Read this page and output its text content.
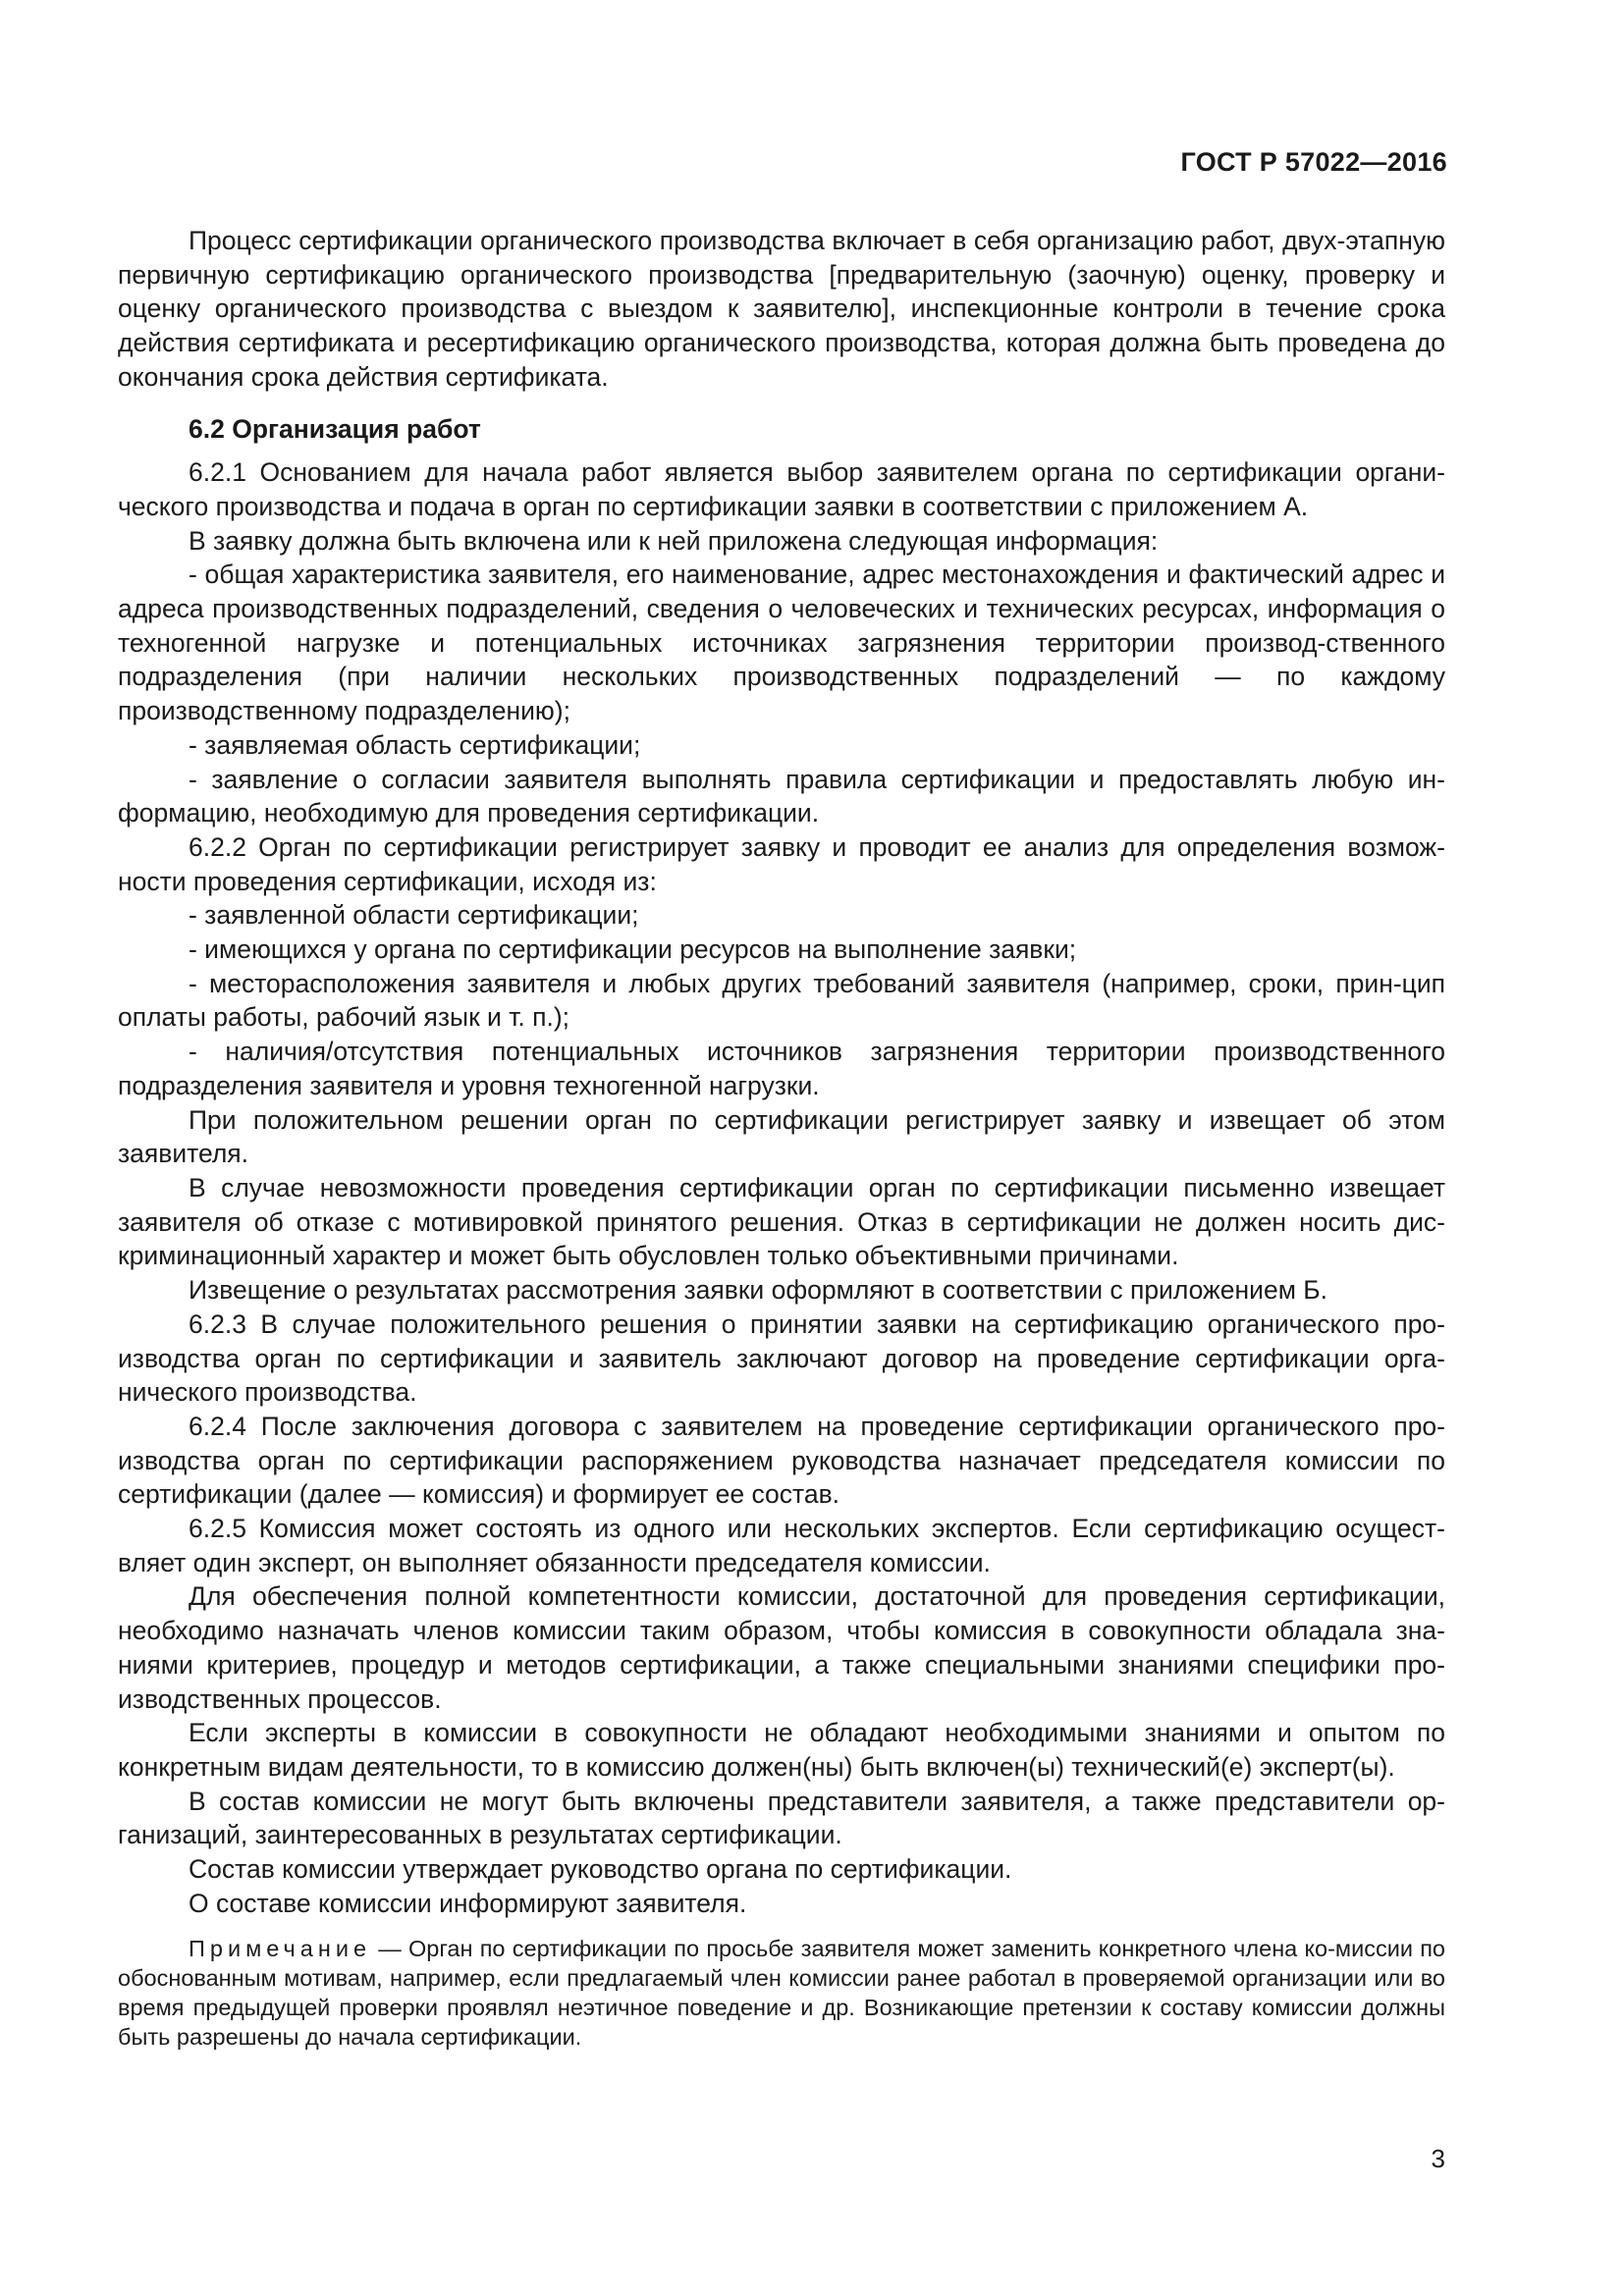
ГОСТ Р 57022—2016

Процесс сертификации органического производства включает в себя организацию работ, двух-этапную первичную сертификацию органического производства [предварительную (заочную) оценку, проверку и оценку органического производства с выездом к заявителю], инспекционные контроли в течение срока действия сертификата и ресертификацию органического производства, которая должна быть проведена до окончания срока действия сертификата.

6.2 Организация работ

6.2.1 Основанием для начала работ является выбор заявителем органа по сертификации органи-ческого производства и подача в орган по сертификации заявки в соответствии с приложением А.

В заявку должна быть включена или к ней приложена следующая информация:

- общая характеристика заявителя, его наименование, адрес местонахождения и фактический адрес и адреса производственных подразделений, сведения о человеческих и технических ресурсах, информация о техногенной нагрузке и потенциальных источниках загрязнения территории производ-ственного подразделения (при наличии нескольких производственных подразделений — по каждому производственному подразделению);

- заявляемая область сертификации;

- заявление о согласии заявителя выполнять правила сертификации и предоставлять любую ин-формацию, необходимую для проведения сертификации.

6.2.2 Орган по сертификации регистрирует заявку и проводит ее анализ для определения возмож-ности проведения сертификации, исходя из:

- заявленной области сертификации;

- имеющихся у органа по сертификации ресурсов на выполнение заявки;

- месторасположения заявителя и любых других требований заявителя (например, сроки, прин-цип оплаты работы, рабочий язык и т. п.);

- наличия/отсутствия потенциальных источников загрязнения территории производственного подразделения заявителя и уровня техногенной нагрузки.

При положительном решении орган по сертификации регистрирует заявку и извещает об этом заявителя.

В случае невозможности проведения сертификации орган по сертификации письменно извещает заявителя об отказе с мотивировкой принятого решения. Отказ в сертификации не должен носить дис-криминационный характер и может быть обусловлен только объективными причинами.

Извещение о результатах рассмотрения заявки оформляют в соответствии с приложением Б.

6.2.3 В случае положительного решения о принятии заявки на сертификацию органического про-изводства орган по сертификации и заявитель заключают договор на проведение сертификации орга-нического производства.

6.2.4 После заключения договора с заявителем на проведение сертификации органического про-изводства орган по сертификации распоряжением руководства назначает председателя комиссии по сертификации (далее — комиссия) и формирует ее состав.

6.2.5 Комиссия может состоять из одного или нескольких экспертов. Если сертификацию осущест-вляет один эксперт, он выполняет обязанности председателя комиссии.

Для обеспечения полной компетентности комиссии, достаточной для проведения сертификации, необходимо назначать членов комиссии таким образом, чтобы комиссия в совокупности обладала зна-ниями критериев, процедур и методов сертификации, а также специальными знаниями специфики про-изводственных процессов.

Если эксперты в комиссии в совокупности не обладают необходимыми знаниями и опытом по конкретным видам деятельности, то в комиссию должен(ны) быть включен(ы) технический(е) эксперт(ы).

В состав комиссии не могут быть включены представители заявителя, а также представители ор-ганизаций, заинтересованных в результатах сертификации.

Состав комиссии утверждает руководство органа по сертификации.

О составе комиссии информируют заявителя.

Примечание — Орган по сертификации по просьбе заявителя может заменить конкретного члена ко-миссии по обоснованным мотивам, например, если предлагаемый член комиссии ранее работал в проверяемой организации или во время предыдущей проверки проявлял неэтичное поведение и др. Возникающие претензии к составу комиссии должны быть разрешены до начала сертификации.

3
